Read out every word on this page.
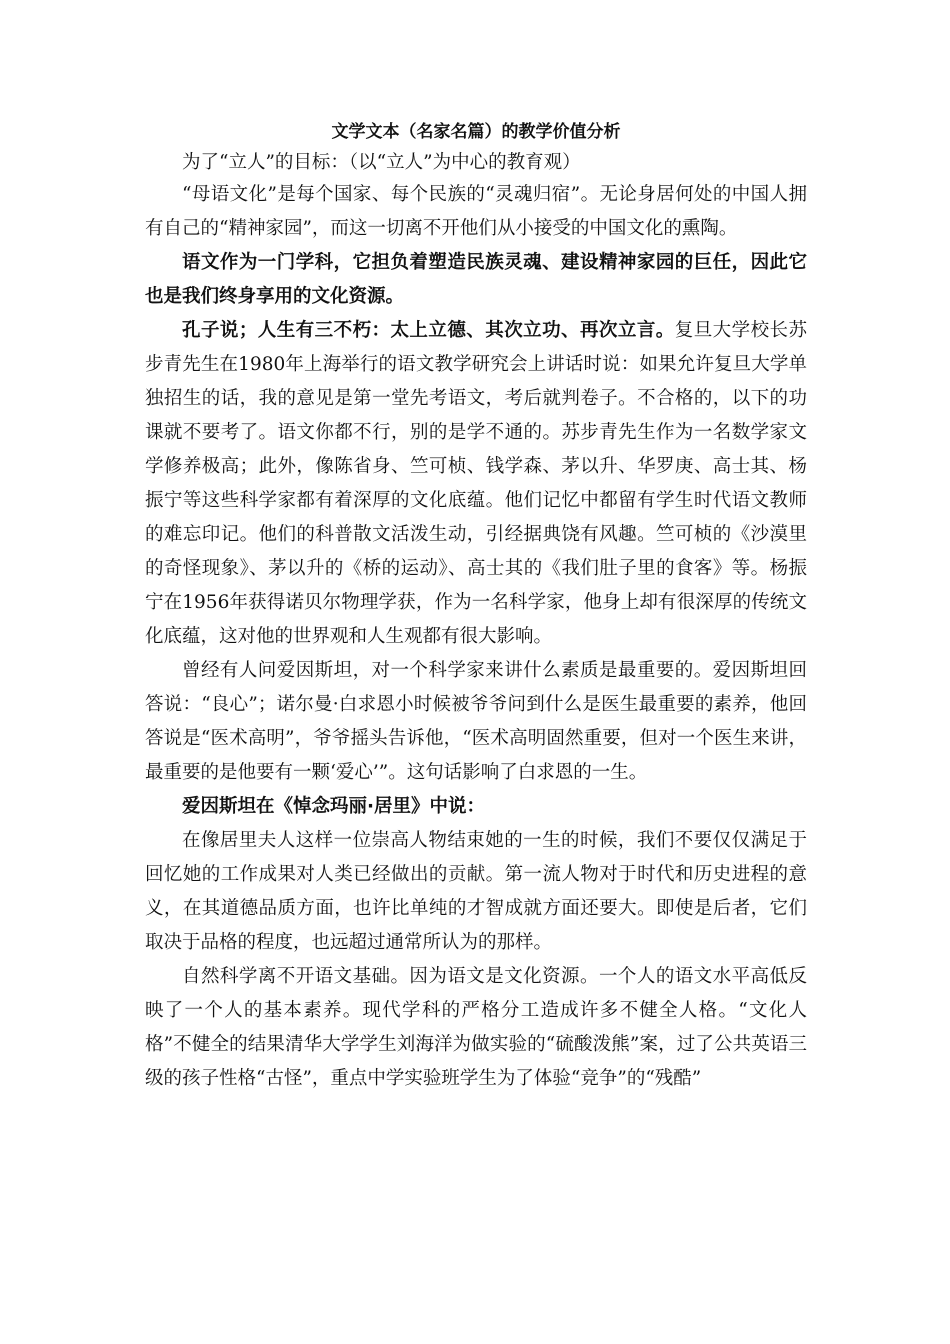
文学文本（名家名篇）的教学价值分析

为了“立人”的目标：（以“立人”为中心的教育观）

“母语文化”是每个国家、每个民族的“灵魂归宿”。无论身居何处的中国人拥有自己的“精神家园”，而这一切离不开他们从小接受的中国文化的熏陶。

语文作为一门学科，它担负着塑造民族灵魂、建设精神家园的巨任，因此它也是我们终身享用的文化资源。

孔子说；人生有三不朽：太上立德、其次立功、再次立言。复旦大学校长苏步青先生在1980年上海举行的语文教学研究会上讲话时说：如果允许复旦大学单独招生的话，我的意见是第一堂先考语文，考后就判卷子。不合格的，以下的功课就不要考了。语文你都不行，别的是学不通的。苏步青先生作为一名数学家文学修养极高；此外，像陈省身、竺可桢、钱学森、茅以升、华罗庚、高士其、杨振宁等这些科学家都有着深厚的文化底蕴。他们记忆中都留有学生时代语文教师的难忘印记。他们的科普散文活泼生动，引经据典饶有风趣。竺可桢的《沙漠里的奇怪现象》、茅以升的《桥的运动》、高士其的《我们肚子里的食客》等。杨振宁在1956年获得诺贝尔物理学获，作为一名科学家，他身上却有很深厚的传统文化底蕴，这对他的世界观和人生观都有很大影响。

曾经有人问爱因斯坦，对一个科学家来讲什么素质是最重要的。爱因斯坦回答说：“良心”；诺尔曼·白求恩小时候被爷爷问到什么是医生最重要的素养，他回答说是“医术高明”，爷爷摇头告诉他，“医术高明固然重要，但对一个医生来讲，最重要的是他要有一颗‘爱心’”。这句话影响了白求恩的一生。

爱因斯坦在《悼念玛丽·居里》中说：

在像居里夫人这样一位崇高人物结束她的一生的时候，我们不要仅仅满足于回忆她的工作成果对人类已经做出的贡献。第一流人物对于时代和历史进程的意义，在其道德品质方面，也许比单纯的才智成就方面还要大。即使是后者，它们取决于品格的程度，也远超过通常所认为的那样。

自然科学离不开语文基础。因为语文是文化资源。一个人的语文水平高低反映了一个人的基本素养。现代学科的严格分工造成许多不健全人格。“文化人格”不健全的结果清华大学学生刘海洋为做实验的“硫酸泼熊”案，过了公共英语三级的孩子性格“古怪”，重点中学实验班学生为了体验“竞争”的“残酷”
